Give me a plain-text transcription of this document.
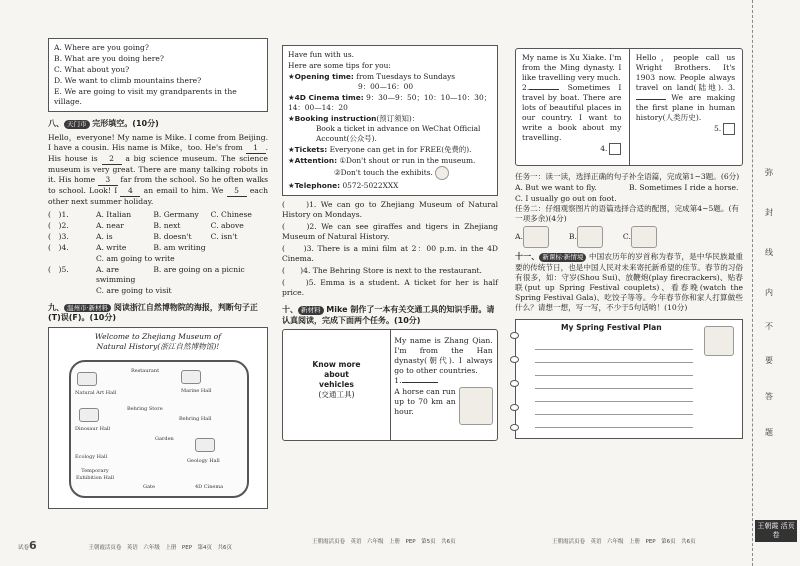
A. Where are you going?

B. What are you doing here?

C. What about you?

D. We want to climb mountains there?

E. We are going to visit my grandparents in the village.

八、 天门市 完形填空。(10分)
Hello，everyone! My name is Mike. I come from Beijing. I have a cousin. His name is Mike，too. He's from 1 . His house is 2 a big science museum. The science museum is very great. There are many talking robots in it. His home 3 far from the school. So he often walks to school. Look! I 4 an email to him. We 5 each other next summer holiday.
(　)1.	A. Italian	B. Germany	C. Chinese
(　)2.	A. near	B. next	C. above
(　)3.	A. is	B. doesn't	C. isn't
(　)4.	A. write	B. am writing
C. am going to write
(　)5.	A. are swimming
B. are going on a picnic
C. are going to visit
九、 温州市·新材料 阅读浙江自然博物院的海报，判断句子正(T)误(F)。(10分)
Welcome to Zhejiang Museum of
Natural History(浙江自然博物馆)!
Restaurant
Natural Art Hall	Marine Hall
Behring Store
Dinosaur Hall
Behring Hall
Garden
Ecology Hall
Geology Hall
Temporary Exhibition Hall
Gate	4D Cinema

Have fun with us.

Here are some tips for you:

★Opening time: from Tuesdays to Sundays

9：00—16：00

★4D Cinema time: 9：30—9：50；10：10—10：30；14：00—14：20

★Booking instruction(预订须知)：

Book a ticket in advance on WeChat Official Account(公众号).

★Tickets: Everyone can get in for FREE(免费的).

★Attention: ①Don't shout or run in the museum.

②Don't touch the exhibits.

★Telephone: 0572-5022XXX

(　　)1. We can go to Zhejiang Museum of Natural History on Mondays.

(　　)2. We can see giraffes and tigers in Zhejiang Museum of Natural History.

(　　)3. There is a mini film at 2：00 p.m. in the 4D Cinema.

(　　)4. The Behring Store is next to the restaurant.

(　　)5. Emma is a student. A ticket for her is half price.

十、 新材料 Mike 制作了一本有关交通工具的知识手册。请认真阅读，完成下面两个任务。(10分)
Know more
about
vehicles
(交通工具)
My name is Zhang Qian. I'm from the Han dynasty(朝代). I always go to other countries.
1.
A horse can run up to 70 km an hour.
My name is Xu Xiake. I'm from the Ming dynasty. I like travelling very much.
2.	Sometimes I travel by boat. There are lots of beautiful places in our country. I want to write a book about my travelling.
4.
Hello，people call us Wright Brothers. It's 1903 now. People always travel on land(陆地). 3. We are making the first plane in human history(人类历史).
5.

任务一：读一读，选择正确的句子补全语篇，完成第1~3题。(6分)

A. But we want to fly.	B. Sometimes I ride a horse.

C. I usually go out on foot.

任务二：仔细观察图片的语篇选择合适的配图，完成第4~5题。(有一项多余)(4分)

A.	B.	C.
十一、 新课标·新情境 中国农历年的岁首称为春节，是中华民族最重要的传统节日，也是中国人民对未来寄托新希望的佳节。春节的习俗有很多，如：守岁(Shou Sui)、放鞭炮(play firecrackers)、贴春联(put up Spring Festival couplets)、看春晚(watch the Spring Festival Gala)、吃饺子等等。今年春节你和家人打算做些什么？请想一想，写一写，不少于5句话哟！(10分)
My Spring Festival Plan
试卷6	王朝霞活页卷　英语　六年级　上册　PEP　第4页　共6页
王朝霞活页卷　英语　六年级　上册　PEP　第5页　共6页	王朝霞活页卷　英语　六年级　上册　PEP　第6页　共6页
弥
封
线
内
不
要
答
题
王朝霞 活页卷
